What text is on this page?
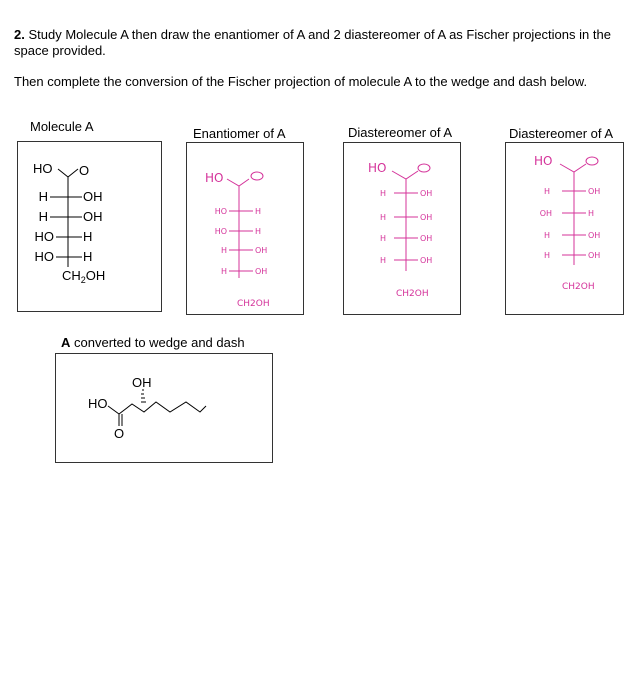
2. Study Molecule A then draw the enantiomer of A and 2 diastereomer of A as Fischer projections in the space provided.
Then complete the conversion of the Fischer projection of molecule A to the wedge and dash below.
Molecule A	Enantiomer of A	Diastereomer of A	Diastereomer of A
HO O
H	OH
H	OH
HO H
HO H
$CH_2OH$
HO
HO	H
HO	H
H	OH
H	OH
CH2OH
HO
H	OH
H	OH
H	OH
H	OH
CH2OH
HO
H	OH
OH	H
H	OH
H	OH
CH2OH
A converted to wedge and dash
OH
HO
O
